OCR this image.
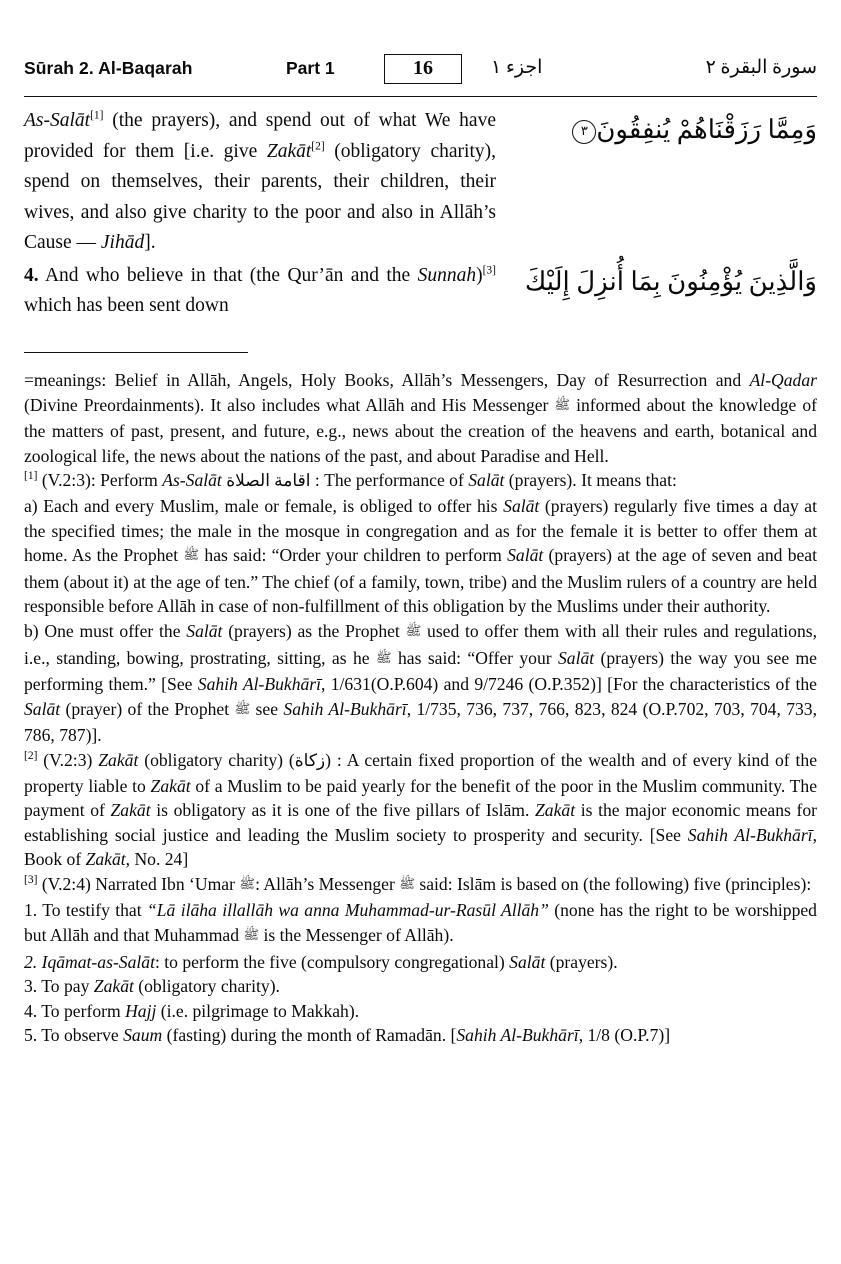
Sūrah 2. Al-Baqarah	Part 1	16	اجزء ١	سورة البقرة ٢

As-Salāt[1] (the prayers), and spend out of what We have provided for them [i.e. give Zakāt[2] (obligatory charity), spend on themselves, their parents, their children, their wives, and also give charity to the poor and also in Allāh’s Cause — Jihād].

4. And who believe in that (the Qur’ān and the Sunnah)[3] which has been sent down

وَمِمَّا رَزَقْنَاهُمْ يُنفِقُونَ٣
وَالَّذِينَ يُؤْمِنُونَ بِمَا أُنزِلَ إِلَيْكَ

=meanings: Belief in Allāh, Angels, Holy Books, Allāh’s Messengers, Day of Resurrection and Al-Qadar (Divine Preordainments). It also includes what Allāh and His Messenger ﷺ informed about the knowledge of the matters of past, present, and future, e.g., news about the creation of the heavens and earth, botanical and zoological life, the news about the nations of the past, and about Paradise and Hell.

[1] (V.2:3): Perform As-Salāt اقامة الصلاة : The performance of Salāt (prayers). It means that:

a) Each and every Muslim, male or female, is obliged to offer his Salāt (prayers) regularly five times a day at the specified times; the male in the mosque in congregation and as for the female it is better to offer them at home. As the Prophet ﷺ has said: “Order your children to perform Salāt (prayers) at the age of seven and beat them (about it) at the age of ten.” The chief (of a family, town, tribe) and the Muslim rulers of a country are held responsible before Allāh in case of non-fulfillment of this obligation by the Muslims under their authority.

b) One must offer the Salāt (prayers) as the Prophet ﷺ used to offer them with all their rules and regulations, i.e., standing, bowing, prostrating, sitting, as he ﷺ has said: “Offer your Salāt (prayers) the way you see me performing them.” [See Sahih Al-Bukhārī, 1/631(O.P.604) and 9/7246 (O.P.352)] [For the characteristics of the Salāt (prayer) of the Prophet ﷺ see Sahih Al-Bukhārī, 1/735, 736, 737, 766, 823, 824 (O.P.702, 703, 704, 733, 786, 787)].

[2] (V.2:3) Zakāt (obligatory charity) (زكاة) : A certain fixed proportion of the wealth and of every kind of the property liable to Zakāt of a Muslim to be paid yearly for the benefit of the poor in the Muslim community. The payment of Zakāt is obligatory as it is one of the five pillars of Islām. Zakāt is the major economic means for establishing social justice and leading the Muslim society to prosperity and security. [See Sahih Al-Bukhārī, Book of Zakāt, No. 24]

[3] (V.2:4) Narrated Ibn ‘Umar ﷺ: Allāh’s Messenger ﷺ said: Islām is based on (the following) five (principles):

1. To testify that “Lā ilāha illallāh wa anna Muhammad-ur-Rasūl Allāh” (none has the right to be worshipped but Allāh and that Muhammad ﷺ is the Messenger of Allāh).

2. Iqāmat-as-Salāt: to perform the five (compulsory congregational) Salāt (prayers).

3. To pay Zakāt (obligatory charity).

4. To perform Hajj (i.e. pilgrimage to Makkah).

5. To observe Saum (fasting) during the month of Ramadān. [Sahih Al-Bukhārī, 1/8 (O.P.7)]
